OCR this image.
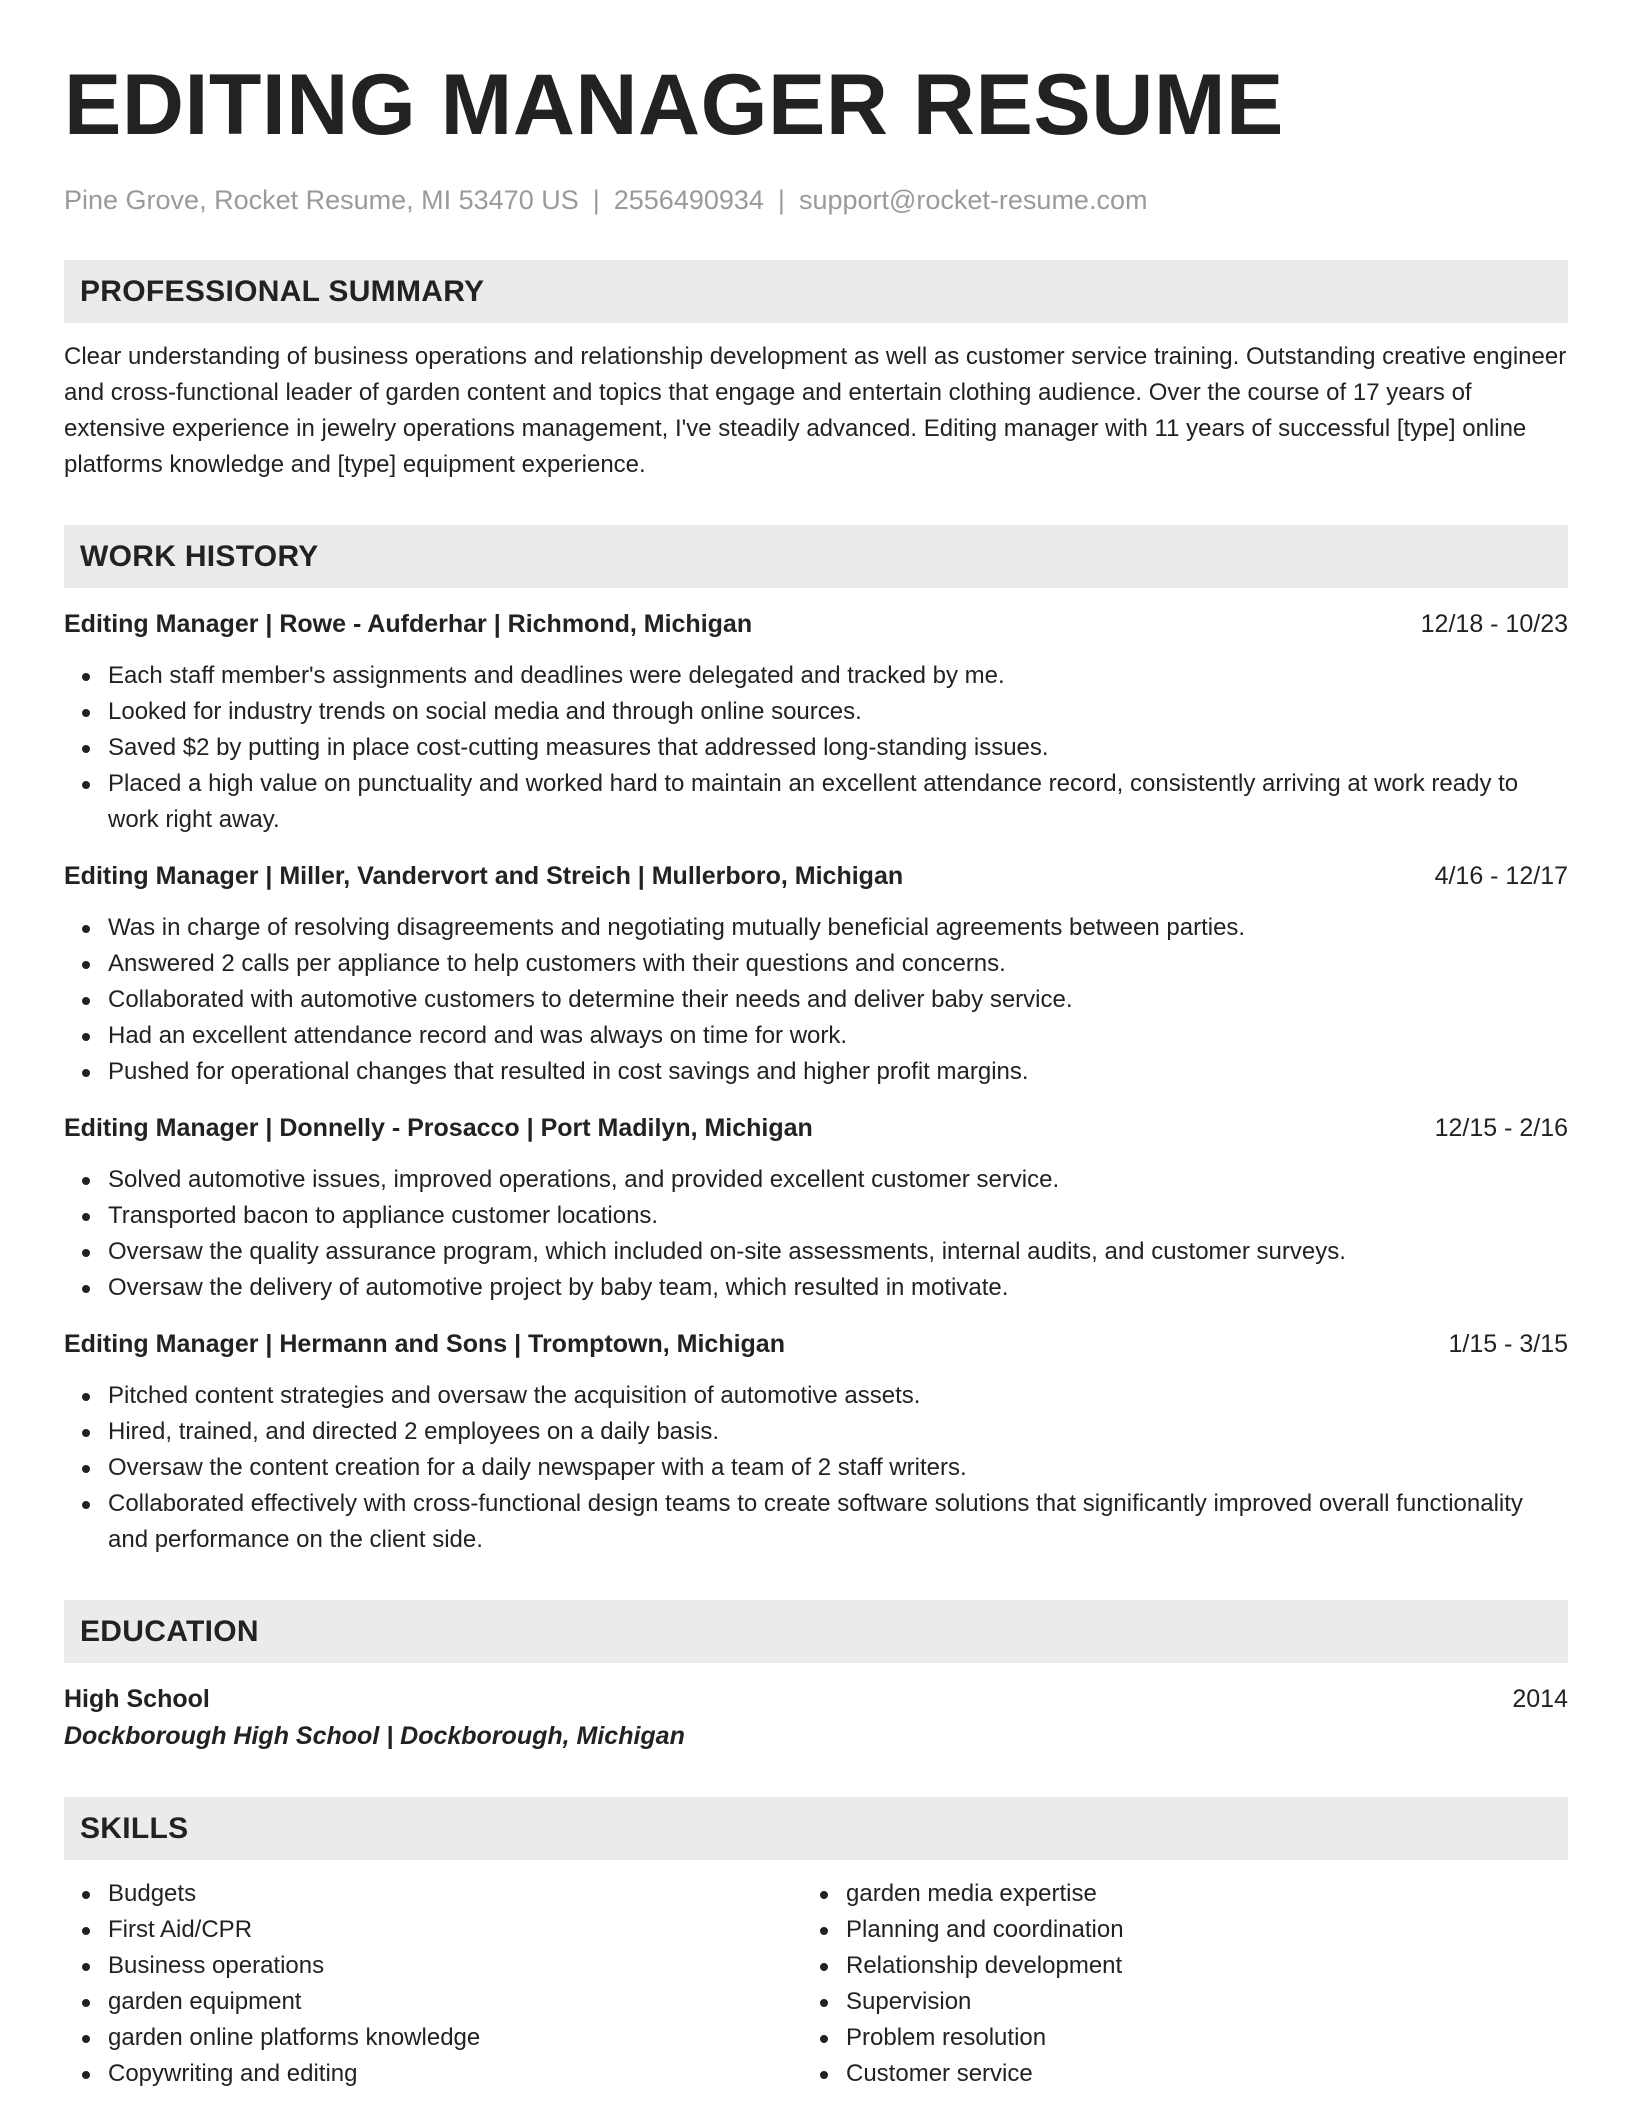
EDITING MANAGER RESUME
Pine Grove, Rocket Resume, MI 53470 US | 2556490934 | support@rocket-resume.com
PROFESSIONAL SUMMARY

Clear understanding of business operations and relationship development as well as customer service training. Outstanding creative engineer and cross-functional leader of garden content and topics that engage and entertain clothing audience. Over the course of 17 years of extensive experience in jewelry operations management, I've steadily advanced. Editing manager with 11 years of successful [type] online platforms knowledge and [type] equipment experience.

WORK HISTORY
Editing Manager | Rowe - Aufderhar | Richmond, Michigan	12/18 - 10/23
Each staff member's assignments and deadlines were delegated and tracked by me.
Looked for industry trends on social media and through online sources.
Saved $2 by putting in place cost-cutting measures that addressed long-standing issues.
Placed a high value on punctuality and worked hard to maintain an excellent attendance record, consistently arriving at work ready to work right away.
Editing Manager | Miller, Vandervort and Streich | Mullerboro, Michigan	4/16 - 12/17
Was in charge of resolving disagreements and negotiating mutually beneficial agreements between parties.
Answered 2 calls per appliance to help customers with their questions and concerns.
Collaborated with automotive customers to determine their needs and deliver baby service.
Had an excellent attendance record and was always on time for work.
Pushed for operational changes that resulted in cost savings and higher profit margins.
Editing Manager | Donnelly - Prosacco | Port Madilyn, Michigan	12/15 - 2/16
Solved automotive issues, improved operations, and provided excellent customer service.
Transported bacon to appliance customer locations.
Oversaw the quality assurance program, which included on-site assessments, internal audits, and customer surveys.
Oversaw the delivery of automotive project by baby team, which resulted in motivate.
Editing Manager | Hermann and Sons | Tromptown, Michigan	1/15 - 3/15
Pitched content strategies and oversaw the acquisition of automotive assets.
Hired, trained, and directed 2 employees on a daily basis.
Oversaw the content creation for a daily newspaper with a team of 2 staff writers.
Collaborated effectively with cross-functional design teams to create software solutions that significantly improved overall functionality and performance on the client side.
EDUCATION
High School	2014
Dockborough High School | Dockborough, Michigan
SKILLS
Budgets
First Aid/CPR
Business operations
garden equipment
garden online platforms knowledge
Copywriting and editing
garden media expertise
Planning and coordination
Relationship development
Supervision
Problem resolution
Customer service
